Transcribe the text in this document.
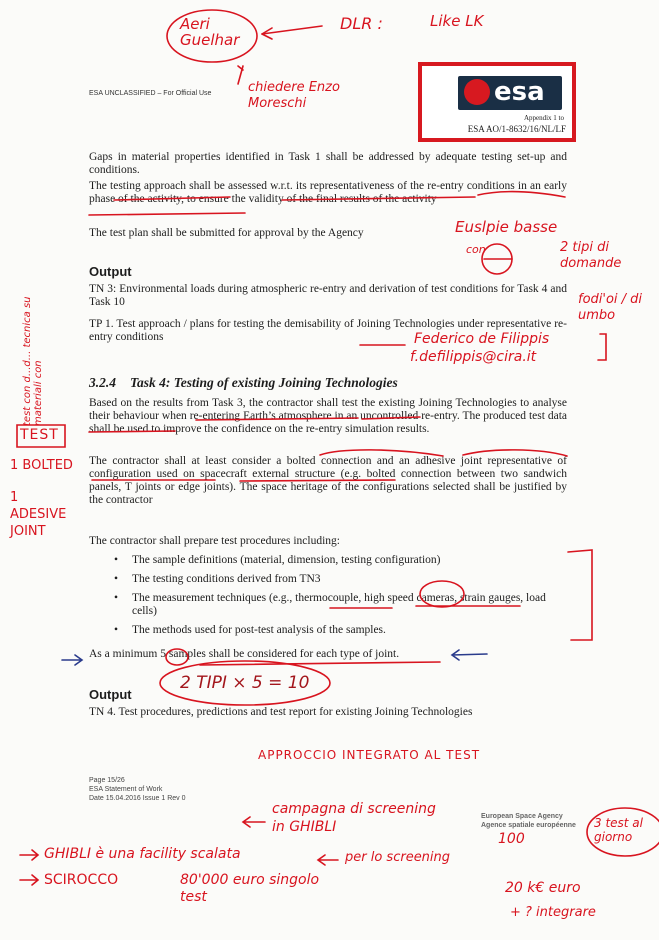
ESA UNCLASSIFIED – For Official Use	esa
Appendix 1 to
ESA AO/1-8632/16/NL/LF
Gaps in material properties identified in Task 1 shall be addressed by adequate testing set-up and conditions.
The testing approach shall be assessed w.r.t. its representativeness of the re-entry conditions in an early phase of the activity, to ensure the validity of the final results of the activity
The test plan shall be submitted for approval by the Agency
Output
TN 3: Environmental loads during atmospheric re-entry and derivation of test conditions for Task 4 and Task 10
TP 1. Test approach / plans for testing the demisability of Joining Technologies under representative re-entry conditions
3.2.4 Task 4: Testing of existing Joining Technologies
Based on the results from Task 3, the contractor shall test the existing Joining Technologies to analyse their behaviour when re-entering Earth’s atmosphere in an uncontrolled re-entry. The produced test data shall be used to improve the confidence on the re-entry simulation results.
The contractor shall at least consider a bolted connection and an adhesive joint representative of configuration used on spacecraft external structure (e.g. bolted connection between two sandwich panels, T joints or edge joints). The space heritage of the configurations selected shall be justified by the contractor
The contractor shall prepare test procedures including:
• The sample definitions (material, dimension, testing configuration)
• The testing conditions derived from TN3
• The measurement techniques (e.g., thermocouple, high speed cameras, strain gauges, load cells)
• The methods used for post-test analysis of the samples.
As a minimum 5 samples shall be considered for each type of joint.
Output
TN 4. Test procedures, predictions and test report for existing Joining Technologies
Page 15/26
ESA Statement of Work
Date 15.04.2016 Issue 1 Rev 0
European Space Agency
Agence spatiale européenne
Aeri Guelhar
DLR :	Like LK
chiedere Enzo Moreschi
Euslpie basse
con	2 tipi di domande
fodi'oi / di umbo
Federico de Filippis
f.defilippis@cira.it
test con d...d... tecnica su materiali con
TEST
1 BOLTED
1 ADESIVE JOINT
2 TIPI × 5 = 10
APPROCCIO INTEGRATO AL TEST
campagna di screening in GHIBLI
GHIBLI è una facility scalata	per lo screening
SCIROCCO	80'000 euro singolo test
100
3 test al giorno
20 k€ euro
+ ? integrare
